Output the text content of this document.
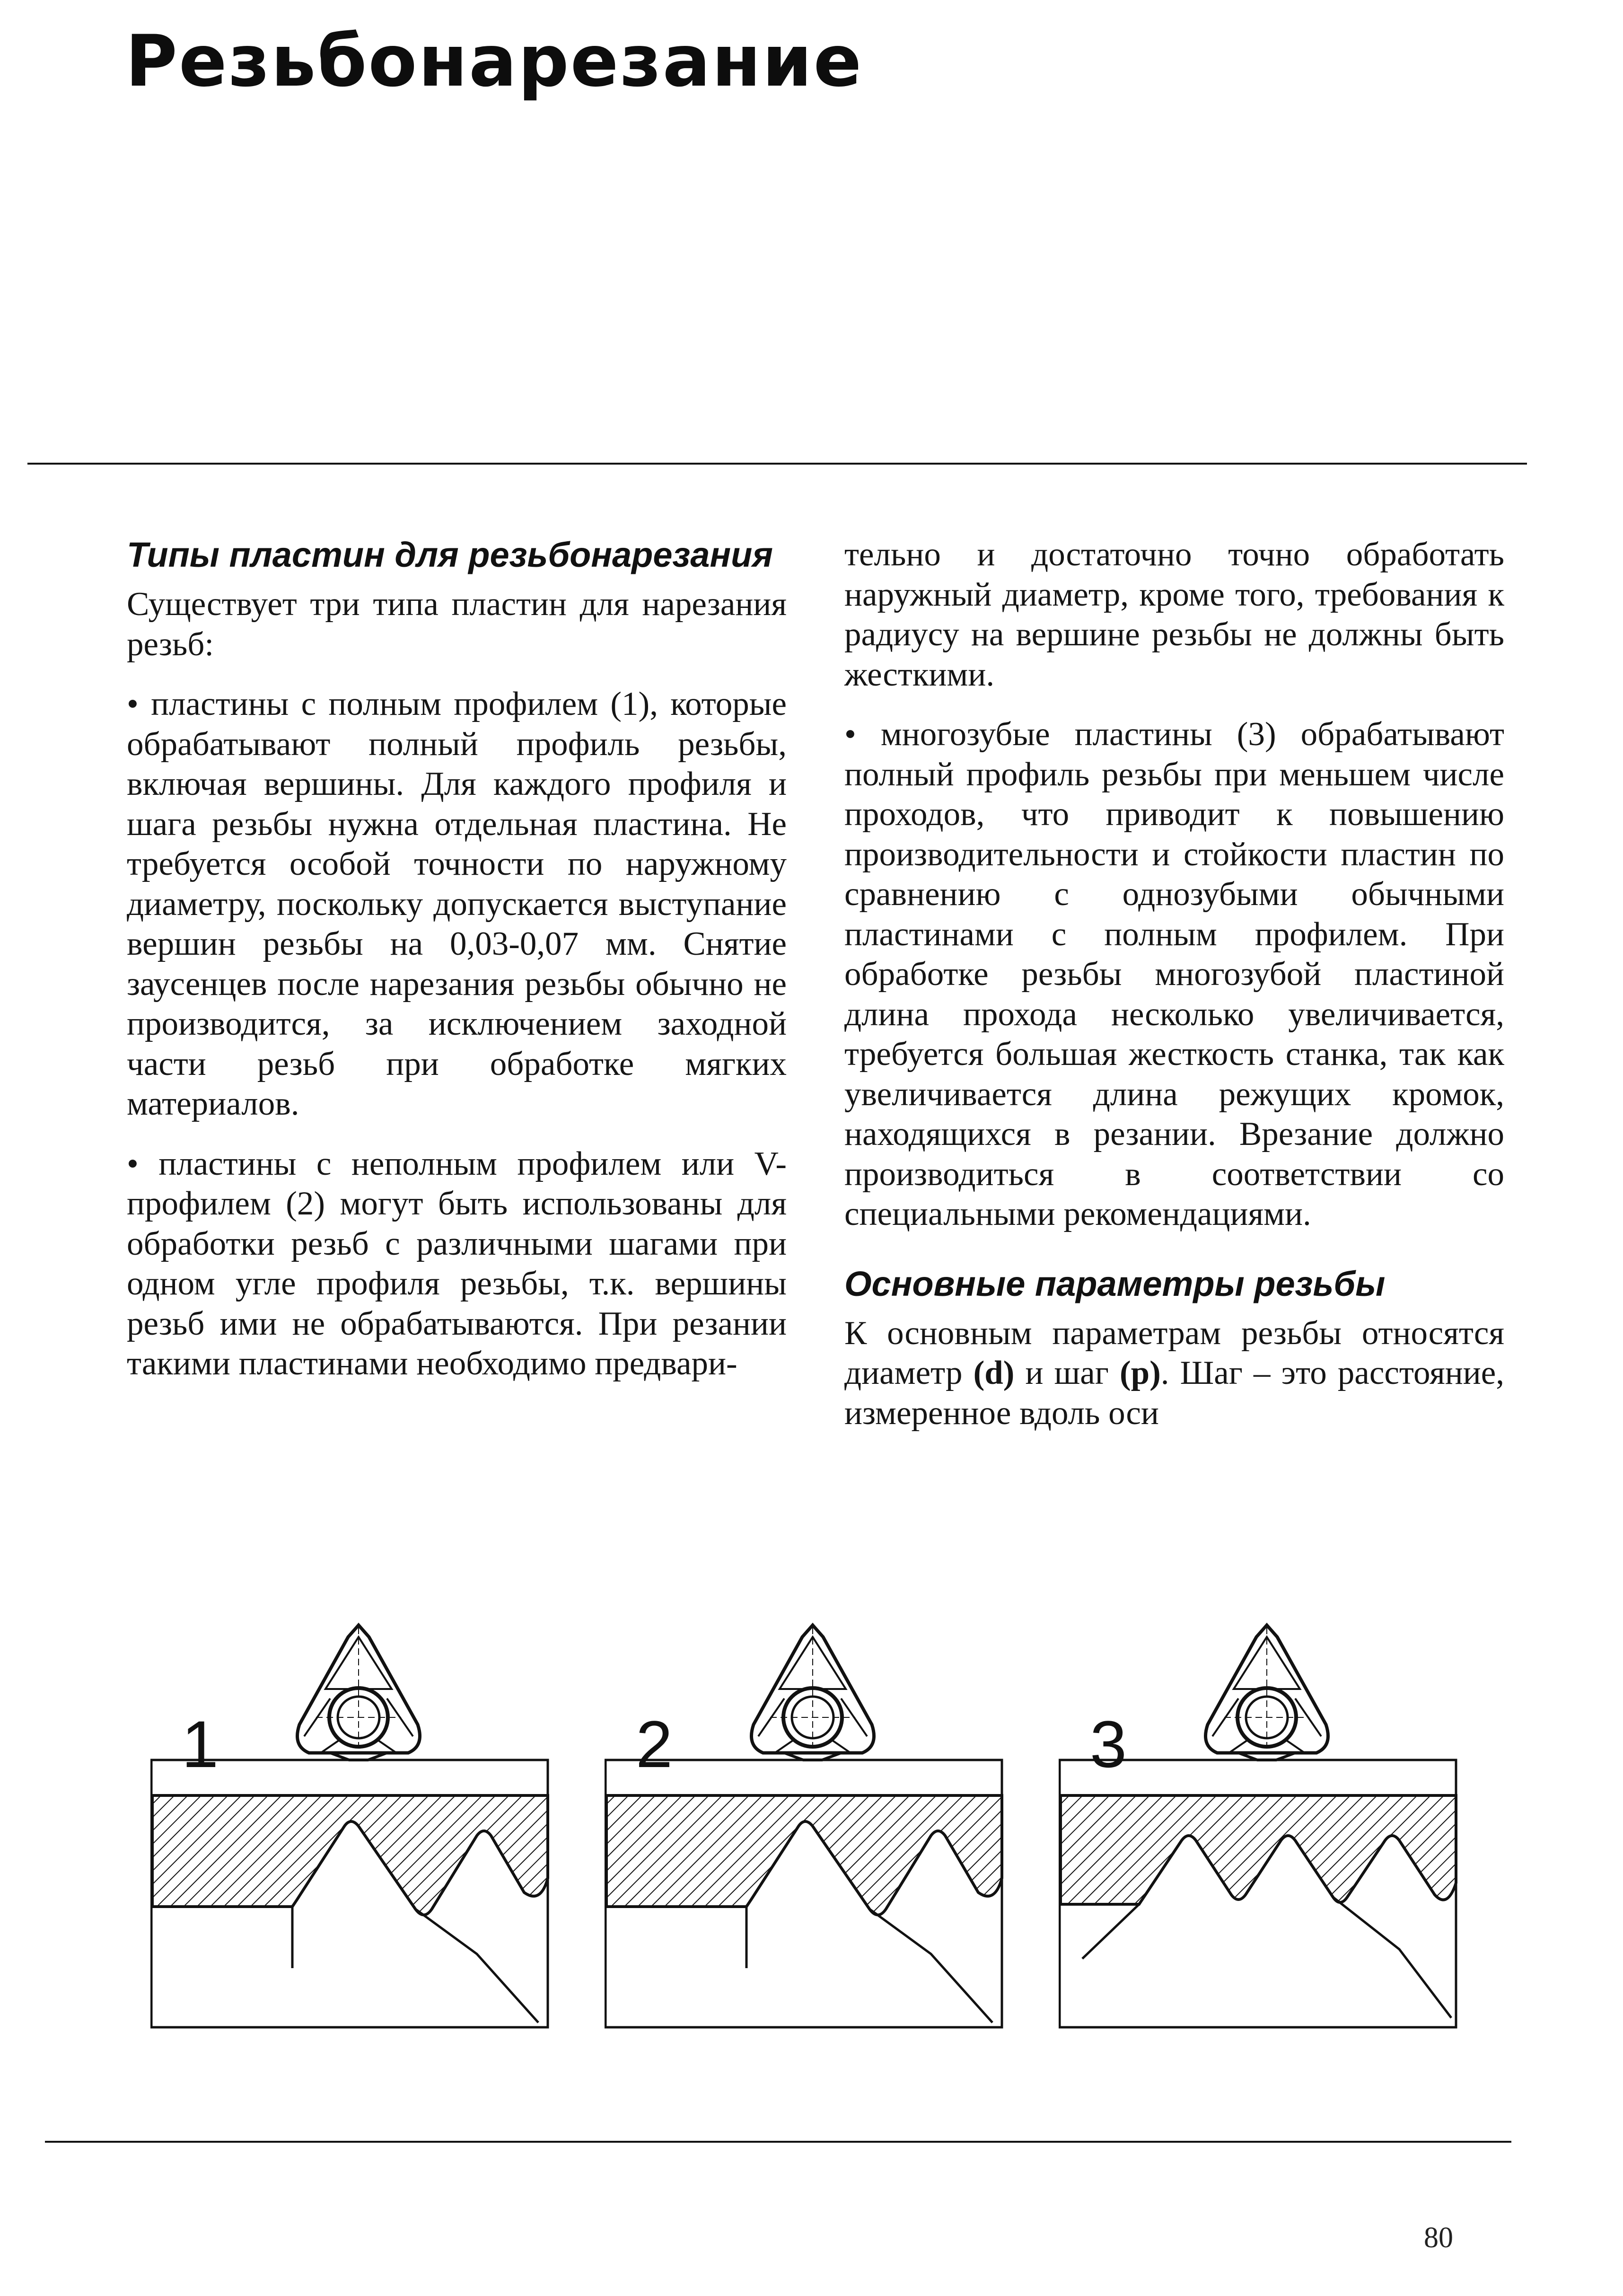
Резьбонарезание
Типы пластин для резьбонарезания

Существует три типа пластин для нарезания резьб:

• пластины с полным профилем (1), которые обрабатывают полный профиль резьбы, включая вершины. Для каждого профиля и шага резьбы нужна отдельная пластина. Не требуется особой точности по наружному диаметру, поскольку допускается выступание вершин резьбы на 0,03-0,07 мм. Снятие заусенцев после нарезания резьбы обычно не производится, за исключением заходной части резьб при обработке мягких материалов.

• пластины с неполным профилем или V-профилем (2) могут быть использованы для обработки резьб с различными шагами при одном угле профиля резьбы, т.к. вершины резьб ими не обрабатываются. При резании такими пластинами необходимо предвари-

тельно и достаточно точно обработать наружный диаметр, кроме того, требования к радиусу на вершине резьбы не должны быть жесткими.

• многозубые пластины (3) обрабатывают полный профиль резьбы при меньшем числе проходов, что приводит к повышению производительности и стойкости пластин по сравнению с однозубыми обычными пластинами с полным профилем. При обработке резьбы многозубой пластиной длина прохода несколько увеличивается, требуется большая жесткость станка, так как увеличивается длина режущих кромок, находящихся в резании. Врезание должно производиться в соответствии со специальными рекомендациями.

Основные параметры резьбы

К основным параметрам резьбы относятся диаметр (d) и шаг (p). Шаг – это расстояние, измеренное вдоль оси

1	2	3

80
